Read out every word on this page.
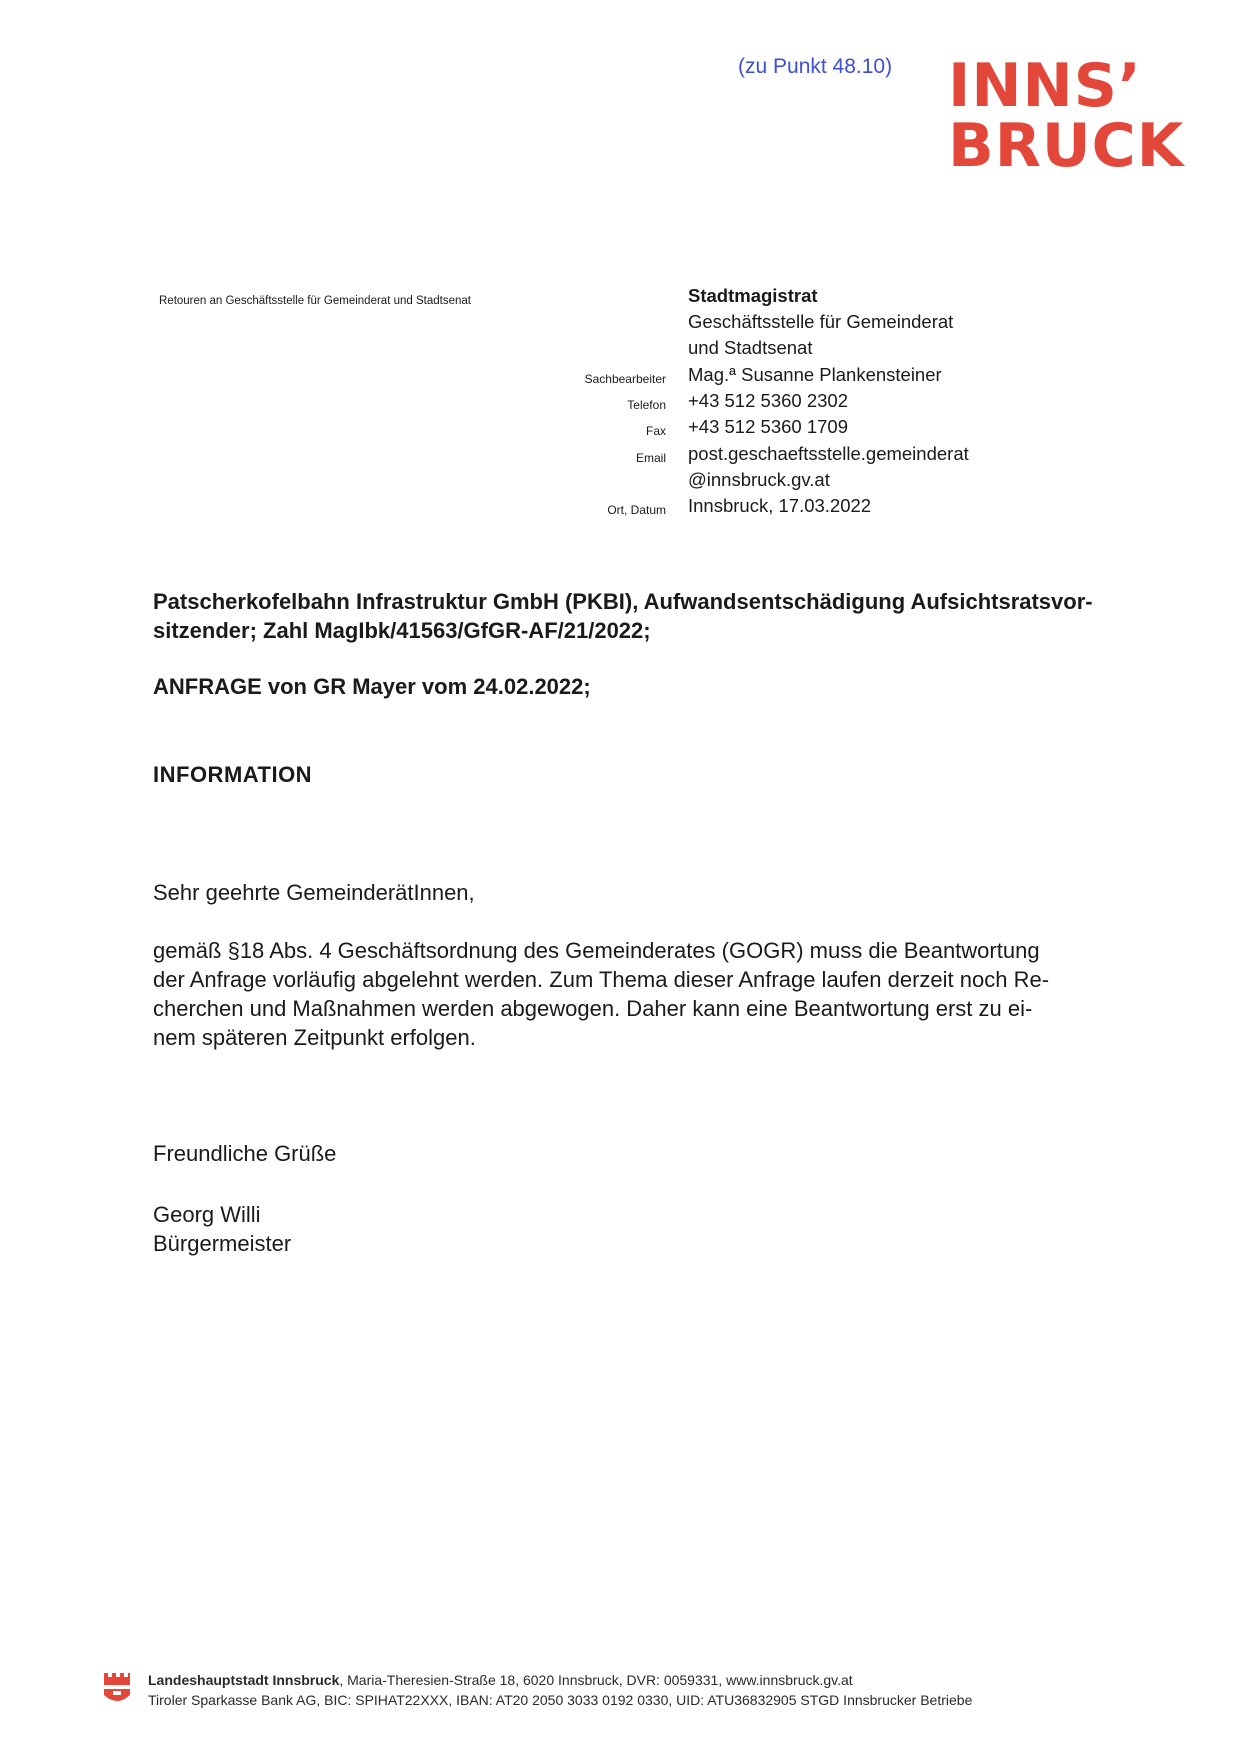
(zu Punkt 48.10) INNS’
BRUCK
Retouren an Geschäftsstelle für Gemeinderat und Stadtsenat	Stadtmagistrat
Geschäftsstelle für Gemeinderat
und Stadtsenat
Sachbearbeiter Mag.ª Susanne Plankensteiner
Telefon +43 512 5360 2302
Fax +43 512 5360 1709
Email post.geschaeftsstelle.gemeinderat
@innsbruck.gv.at
Ort, Datum Innsbruck, 17.03.2022
Patscherkofelbahn Infrastruktur GmbH (PKBI), Aufwandsentschädigung Aufsichtsratsvor-
sitzender; Zahl MagIbk/41563/GfGR-AF/21/2022;
ANFRAGE von GR Mayer vom 24.02.2022;
INFORMATION
Sehr geehrte GemeinderätInnen,
gemäß §18 Abs. 4 Geschäftsordnung des Gemeinderates (GOGR) muss die Beantwortung
der Anfrage vorläufig abgelehnt werden. Zum Thema dieser Anfrage laufen derzeit noch Re-
cherchen und Maßnahmen werden abgewogen. Daher kann eine Beantwortung erst zu ei-
nem späteren Zeitpunkt erfolgen.
Freundliche Grüße
Georg Willi
Bürgermeister
Landeshauptstadt Innsbruck, Maria-Theresien-Straße 18, 6020 Innsbruck, DVR: 0059331, www.innsbruck.gv.at
Tiroler Sparkasse Bank AG, BIC: SPIHAT22XXX, IBAN: AT20 2050 3033 0192 0330, UID: ATU36832905 STGD Innsbrucker Betriebe
